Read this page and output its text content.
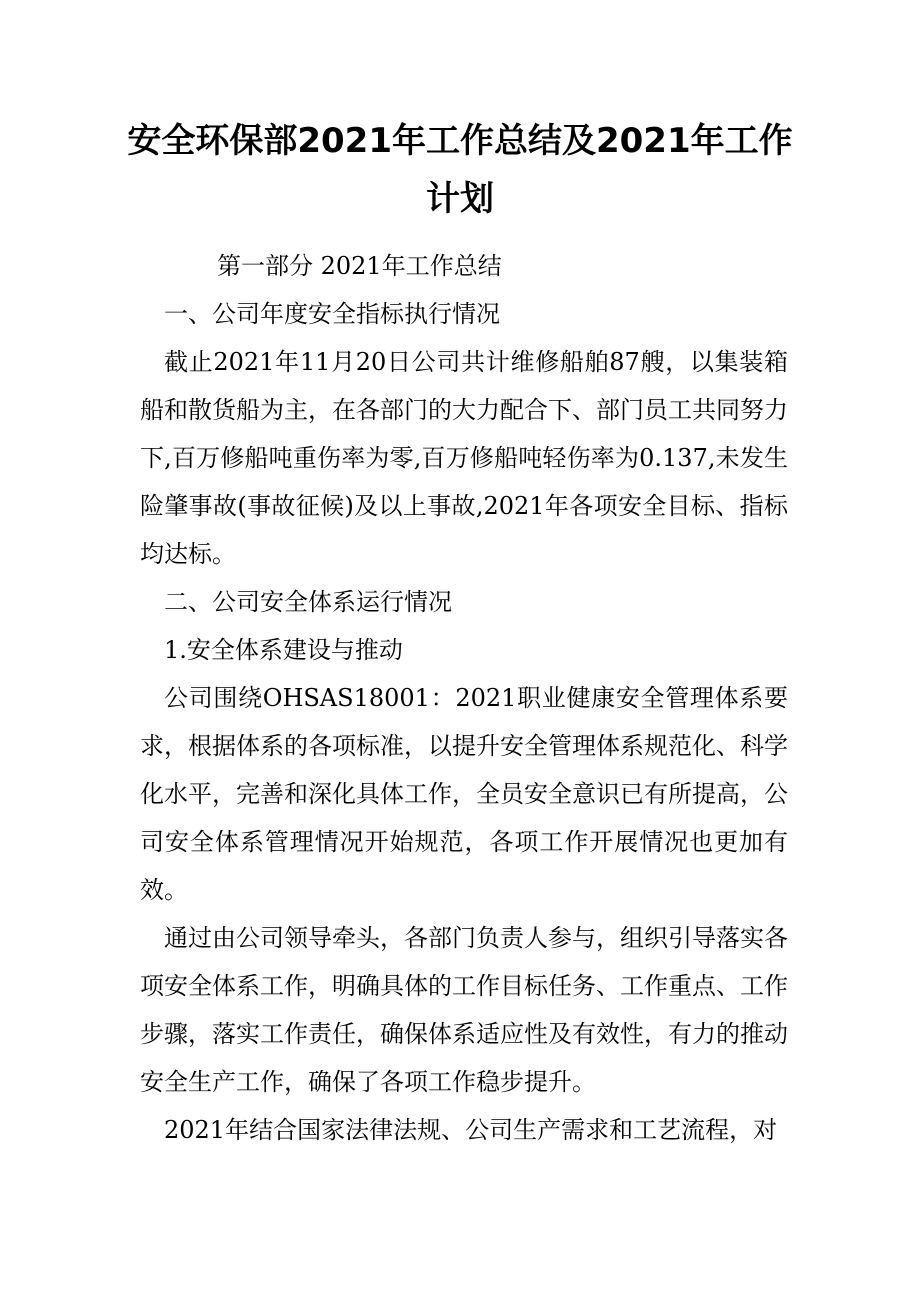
安全环保部2021年工作总结及2021年工作计划

第一部分 2021年工作总结

一、公司年度安全指标执行情况

截止2021年11月20日公司共计维修船舶87艘，以集装箱船和散货船为主，在各部门的大力配合下、部门员工共同努力下,百万修船吨重伤率为零,百万修船吨轻伤率为0.137,未发生险肇事故(事故征候)及以上事故,2021年各项安全目标、指标均达标。

二、公司安全体系运行情况

1.安全体系建设与推动

公司围绕OHSAS18001：2021职业健康安全管理体系要求，根据体系的各项标准，以提升安全管理体系规范化、科学化水平，完善和深化具体工作，全员安全意识已有所提高，公司安全体系管理情况开始规范，各项工作开展情况也更加有效。

通过由公司领导牵头，各部门负责人参与，组织引导落实各项安全体系工作，明确具体的工作目标任务、工作重点、工作步骤，落实工作责任，确保体系适应性及有效性，有力的推动安全生产工作，确保了各项工作稳步提升。

2021年结合国家法律法规、公司生产需求和工艺流程，对
